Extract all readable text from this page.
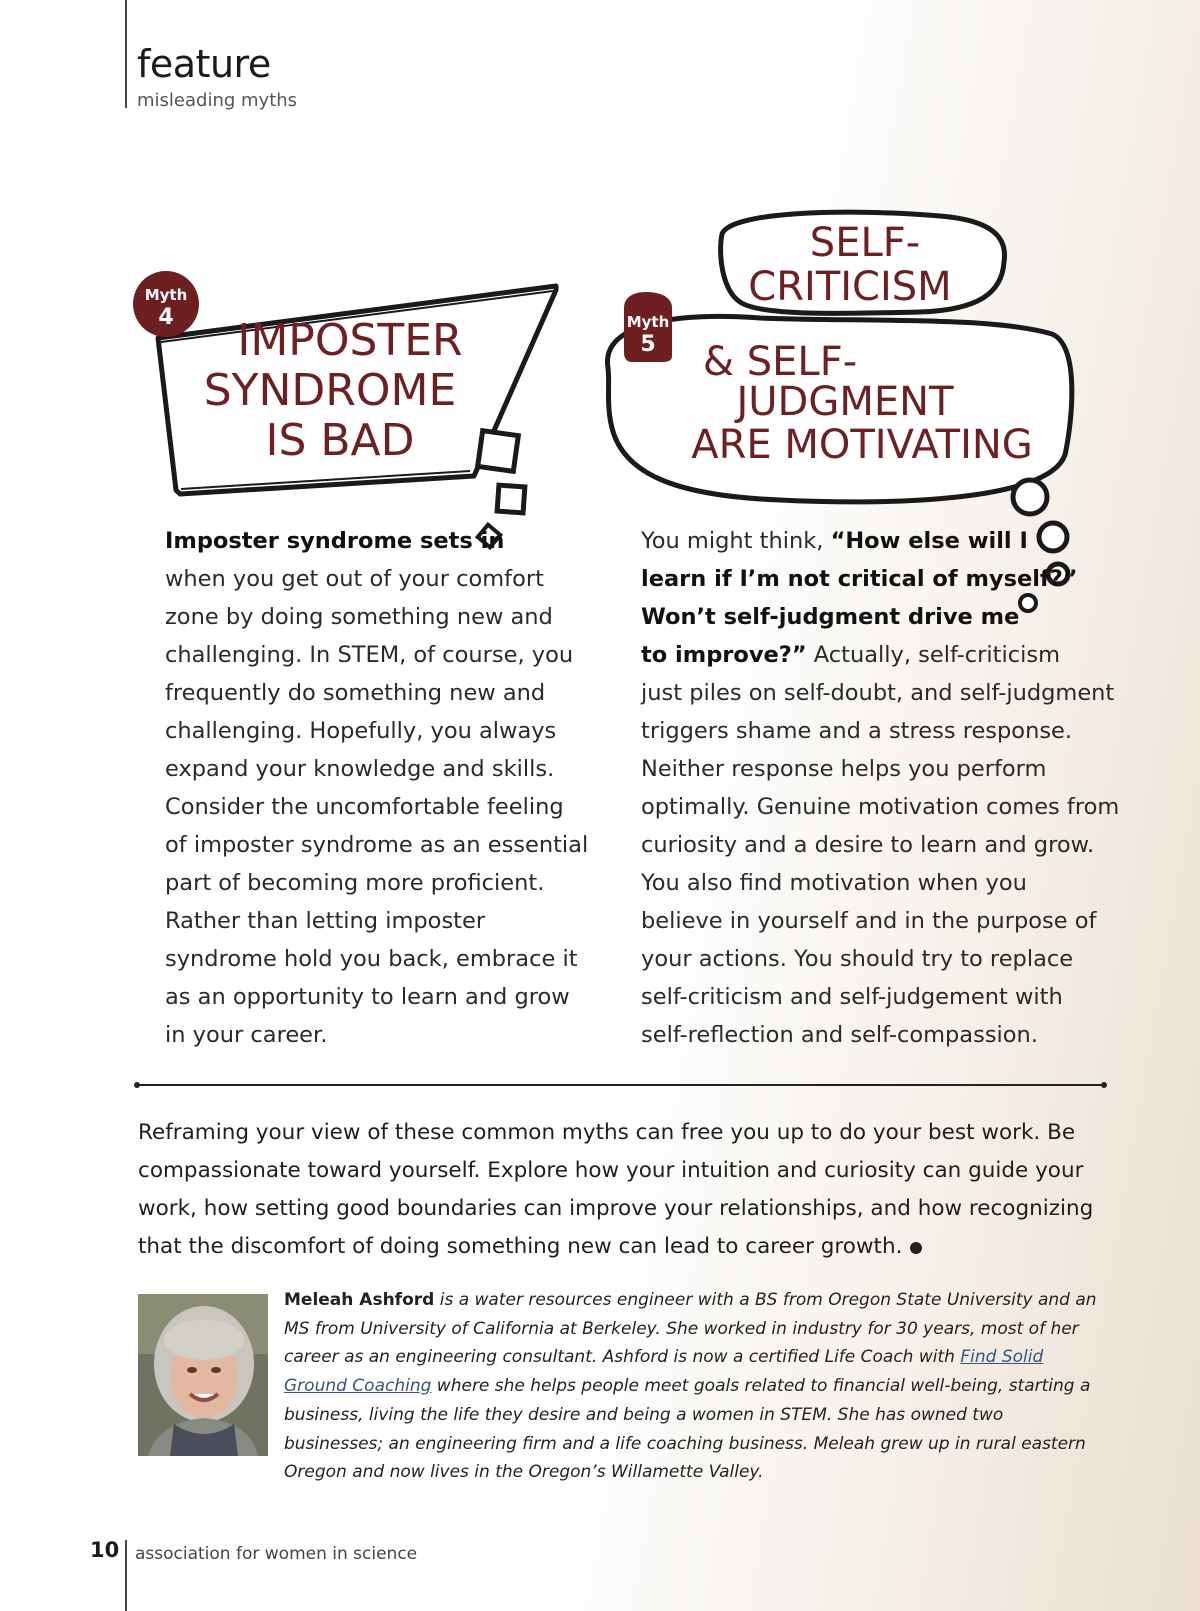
feature
misleading myths
Myth
4 IMPOSTER
SYNDROME
IS BAD
Myth
5
SELF-
CRITICISM
& SELF-
JUDGMENT
ARE MOTIVATING
Imposter syndrome sets in
when you get out of your comfort
zone by doing something new and
challenging. In STEM, of course, you
frequently do something new and
challenging. Hopefully, you always
expand your knowledge and skills.
Consider the uncomfortable feeling
of imposter syndrome as an essential
part of becoming more proficient.
Rather than letting imposter
syndrome hold you back, embrace it
as an opportunity to learn and grow
in your career.
You might think, “How else will I
learn if I’m not critical of myself?”
Won’t self-judgment drive me
to improve?” Actually, self-criticism
just piles on self-doubt, and self-judgment
triggers shame and a stress response.
Neither response helps you perform
optimally. Genuine motivation comes from
curiosity and a desire to learn and grow.
You also find motivation when you
believe in yourself and in the purpose of
your actions. You should try to replace
self-criticism and self-judgement with
self-reflection and self-compassion.
Reframing your view of these common myths can free you up to do your best work. Be compassionate toward yourself. Explore how your intuition and curiosity can guide your work, how setting good boundaries can improve your relationships, and how recognizing that the discomfort of doing something new can lead to career growth.
Meleah Ashford is a water resources engineer with a BS from Oregon State University and an MS from University of California at Berkeley. She worked in industry for 30 years, most of her career as an engineering consultant. Ashford is now a certified Life Coach with Find Solid Ground Coaching where she helps people meet goals related to financial well-being, starting a business, living the life they desire and being a women in STEM. She has owned two businesses; an engineering firm and a life coaching business. Meleah grew up in rural eastern Oregon and now lives in the Oregon’s Willamette Valley.
10 association for women in science
